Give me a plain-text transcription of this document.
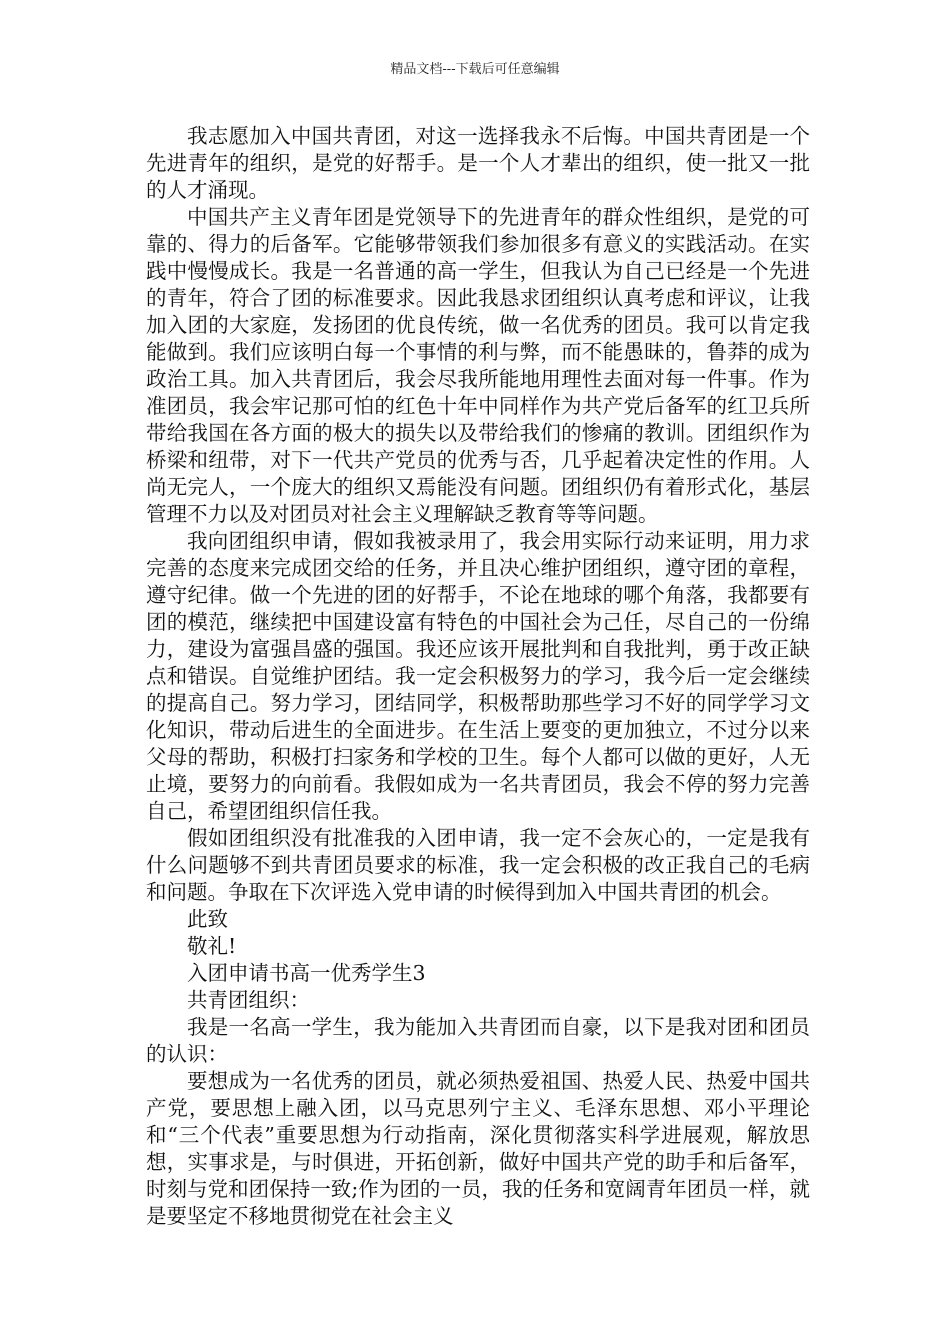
精品文档---下载后可任意编辑

我志愿加入中国共青团，对这一选择我永不后悔。中国共青团是一个先进青年的组织，是党的好帮手。是一个人才辈出的组织，使一批又一批的人才涌现。

中国共产主义青年团是党领导下的先进青年的群众性组织，是党的可靠的、得力的后备军。它能够带领我们参加很多有意义的实践活动。在实践中慢慢成长。我是一名普通的高一学生，但我认为自己已经是一个先进的青年，符合了团的标准要求。因此我恳求团组织认真考虑和评议，让我加入团的大家庭，发扬团的优良传统，做一名优秀的团员。我可以肯定我能做到。我们应该明白每一个事情的利与弊，而不能愚昧的，鲁莽的成为政治工具。加入共青团后，我会尽我所能地用理性去面对每一件事。作为准团员，我会牢记那可怕的红色十年中同样作为共产党后备军的红卫兵所带给我国在各方面的极大的损失以及带给我们的惨痛的教训。团组织作为桥梁和纽带，对下一代共产党员的优秀与否，几乎起着决定性的作用。人尚无完人，一个庞大的组织又焉能没有问题。团组织仍有着形式化，基层管理不力以及对团员对社会主义理解缺乏教育等等问题。

我向团组织申请，假如我被录用了，我会用实际行动来证明，用力求完善的态度来完成团交给的任务，并且决心维护团组织，遵守团的章程，遵守纪律。做一个先进的团的好帮手，不论在地球的哪个角落，我都要有团的模范，继续把中国建设富有特色的中国社会为己任，尽自己的一份绵力，建设为富强昌盛的强国。我还应该开展批判和自我批判，勇于改正缺点和错误。自觉维护团结。我一定会积极努力的学习，我今后一定会继续的提高自己。努力学习，团结同学，积极帮助那些学习不好的同学学习文化知识，带动后进生的全面进步。在生活上要变的更加独立，不过分以来父母的帮助，积极打扫家务和学校的卫生。每个人都可以做的更好，人无止境，要努力的向前看。我假如成为一名共青团员，我会不停的努力完善自己，希望团组织信任我。

假如团组织没有批准我的入团申请，我一定不会灰心的，一定是我有什么问题够不到共青团员要求的标准，我一定会积极的改正我自己的毛病和问题。争取在下次评选入党申请的时候得到加入中国共青团的机会。

此致

敬礼!

入团申请书高一优秀学生3

共青团组织：

我是一名高一学生，我为能加入共青团而自豪，以下是我对团和团员的认识：

要想成为一名优秀的团员，就必须热爱祖国、热爱人民、热爱中国共产党，要思想上融入团，以马克思列宁主义、毛泽东思想、邓小平理论和“三个代表”重要思想为行动指南，深化贯彻落实科学进展观，解放思想，实事求是，与时俱进，开拓创新，做好中国共产党的助手和后备军，时刻与党和团保持一致;作为团的一员，我的任务和宽阔青年团员一样，就是要坚定不移地贯彻党在社会主义
